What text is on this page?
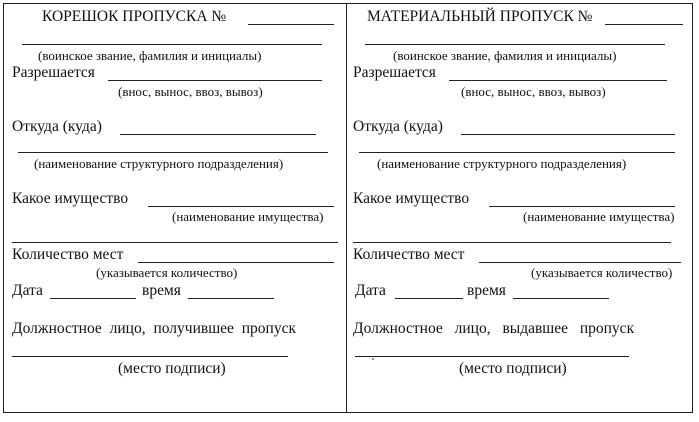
КОРЕШОК ПРОПУСКА №
(воинское звание, фамилия и инициалы)
Разрешается
(внос, вынос, ввоз, вывоз)
Откуда (куда)
(наименование структурного подразделения)
Какое имущество
(наименование имущества)
Количество мест
(указывается количество)
Дата	время
Должностное лицо, получившее пропуск
(место подписи)
МАТЕРИАЛЬНЫЙ ПРОПУСК №
(воинское звание, фамилия и инициалы)
Разрешается
(внос, вынос, ввоз, вывоз)
Откуда (куда)
(наименование структурного подразделения)
Какое имущество
(наименование имущества)
Количество мест
(указывается количество)
Дата	время
Должностное лицо, выдавшее пропуск
(место подписи)
